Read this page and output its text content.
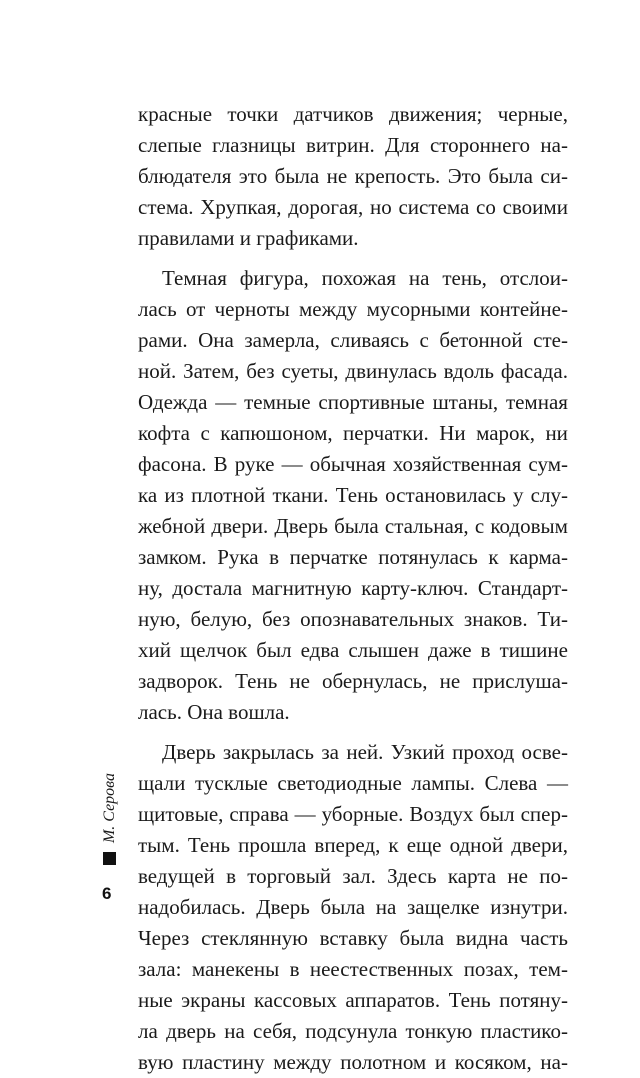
красные точки датчиков движения; черные,
слепые глазницы витрин. Для стороннего на-
блюдателя это была не крепость. Это была си-
стема. Хрупкая, дорогая, но система со своими
правилами и графиками.
Темная фигура, похожая на тень, отслои-
лась от черноты между мусорными контейне-
рами. Она замерла, сливаясь с бетонной сте-
ной. Затем, без суеты, двинулась вдоль фасада.
Одежда — темные спортивные штаны, темная
кофта с капюшоном, перчатки. Ни марок, ни
фасона. В руке — обычная хозяйственная сум-
ка из плотной ткани. Тень остановилась у слу-
жебной двери. Дверь была стальная, с кодовым
замком. Рука в перчатке потянулась к карма-
ну, достала магнитную карту-ключ. Стандарт-
ную, белую, без опознавательных знаков. Ти-
хий щелчок был едва слышен даже в тишине
задворок. Тень не обернулась, не прислуша-
лась. Она вошла.
Дверь закрылась за ней. Узкий проход осве-
щали тусклые светодиодные лампы. Слева —
щитовые, справа — уборные. Воздух был спер-
тым. Тень прошла вперед, к еще одной двери,
ведущей в торговый зал. Здесь карта не по-
надобилась. Дверь была на защелке изнутри.
Через стеклянную вставку была видна часть
зала: манекены в неестественных позах, тем-
ные экраны кассовых аппаратов. Тень потяну-
ла дверь на себя, подсунула тонкую пластико-
вую пластину между полотном и косяком, на-
М. Серова
6
